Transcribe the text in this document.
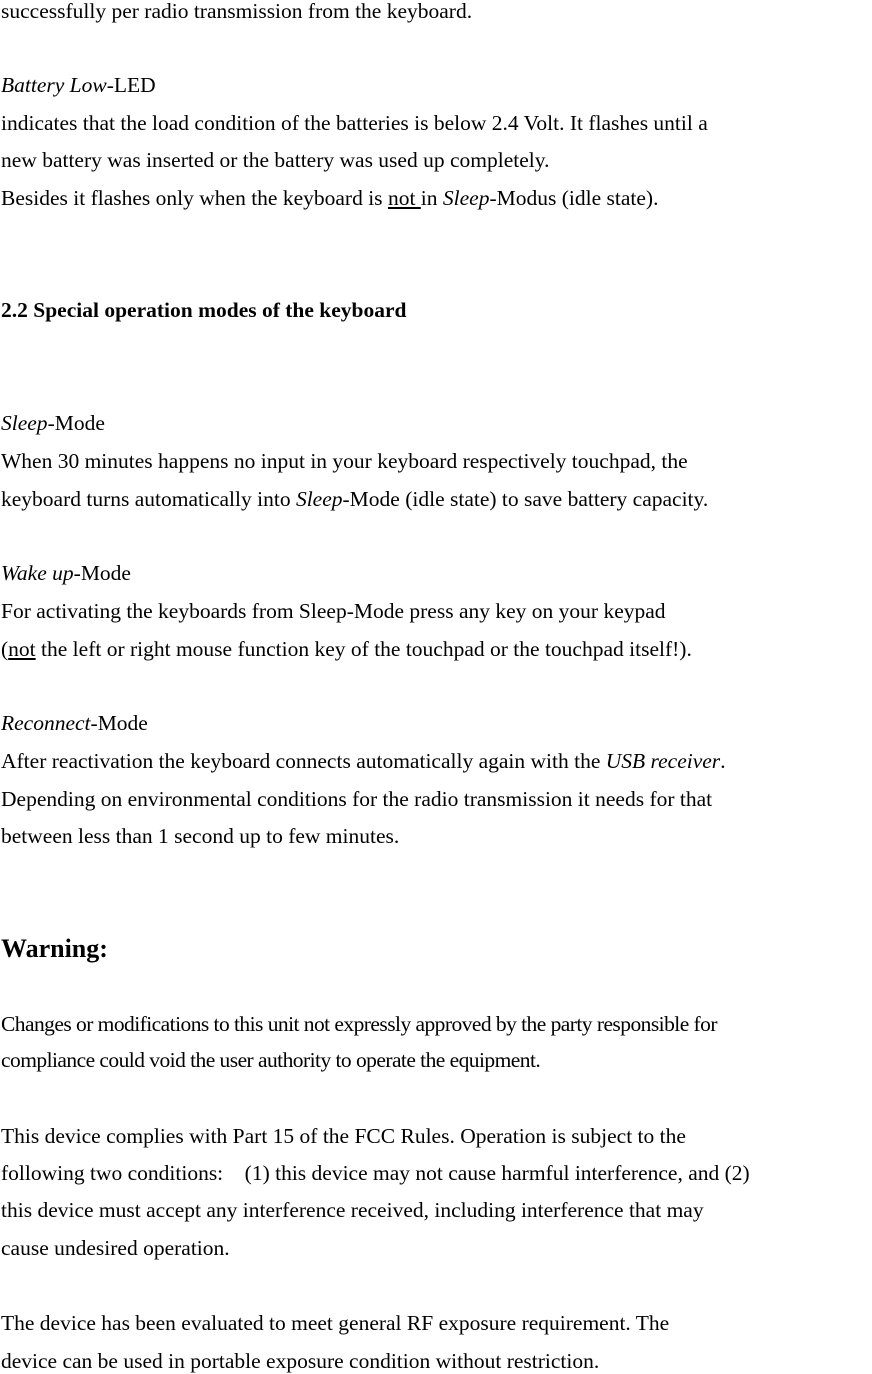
successfully per radio transmission from the keyboard.
Battery Low-LED
indicates that the load condition of the batteries is below 2.4 Volt. It flashes until a
new battery was inserted or the battery was used up completely.
Besides it flashes only when the keyboard is not in Sleep-Modus (idle state).
2.2 Special operation modes of the keyboard
Sleep-Mode
When 30 minutes happens no input in your keyboard respectively touchpad, the
keyboard turns automatically into Sleep-Mode (idle state) to save battery capacity.
Wake up-Mode
For activating the keyboards from Sleep-Mode press any key on your keypad
(not the left or right mouse function key of the touchpad or the touchpad itself!).
Reconnect-Mode
After reactivation the keyboard connects automatically again with the USB receiver.
Depending on environmental conditions for the radio transmission it needs for that
between less than 1 second up to few minutes.
Warning:
Changes or modifications to this unit not expressly approved by the party responsible for
compliance could void the user authority to operate the equipment.
This device complies with Part 15 of the FCC Rules. Operation is subject to the
following two conditions:    (1) this device may not cause harmful interference, and (2)
this device must accept any interference received, including interference that may
cause undesired operation.
The device has been evaluated to meet general RF exposure requirement. The
device can be used in portable exposure condition without restriction.
